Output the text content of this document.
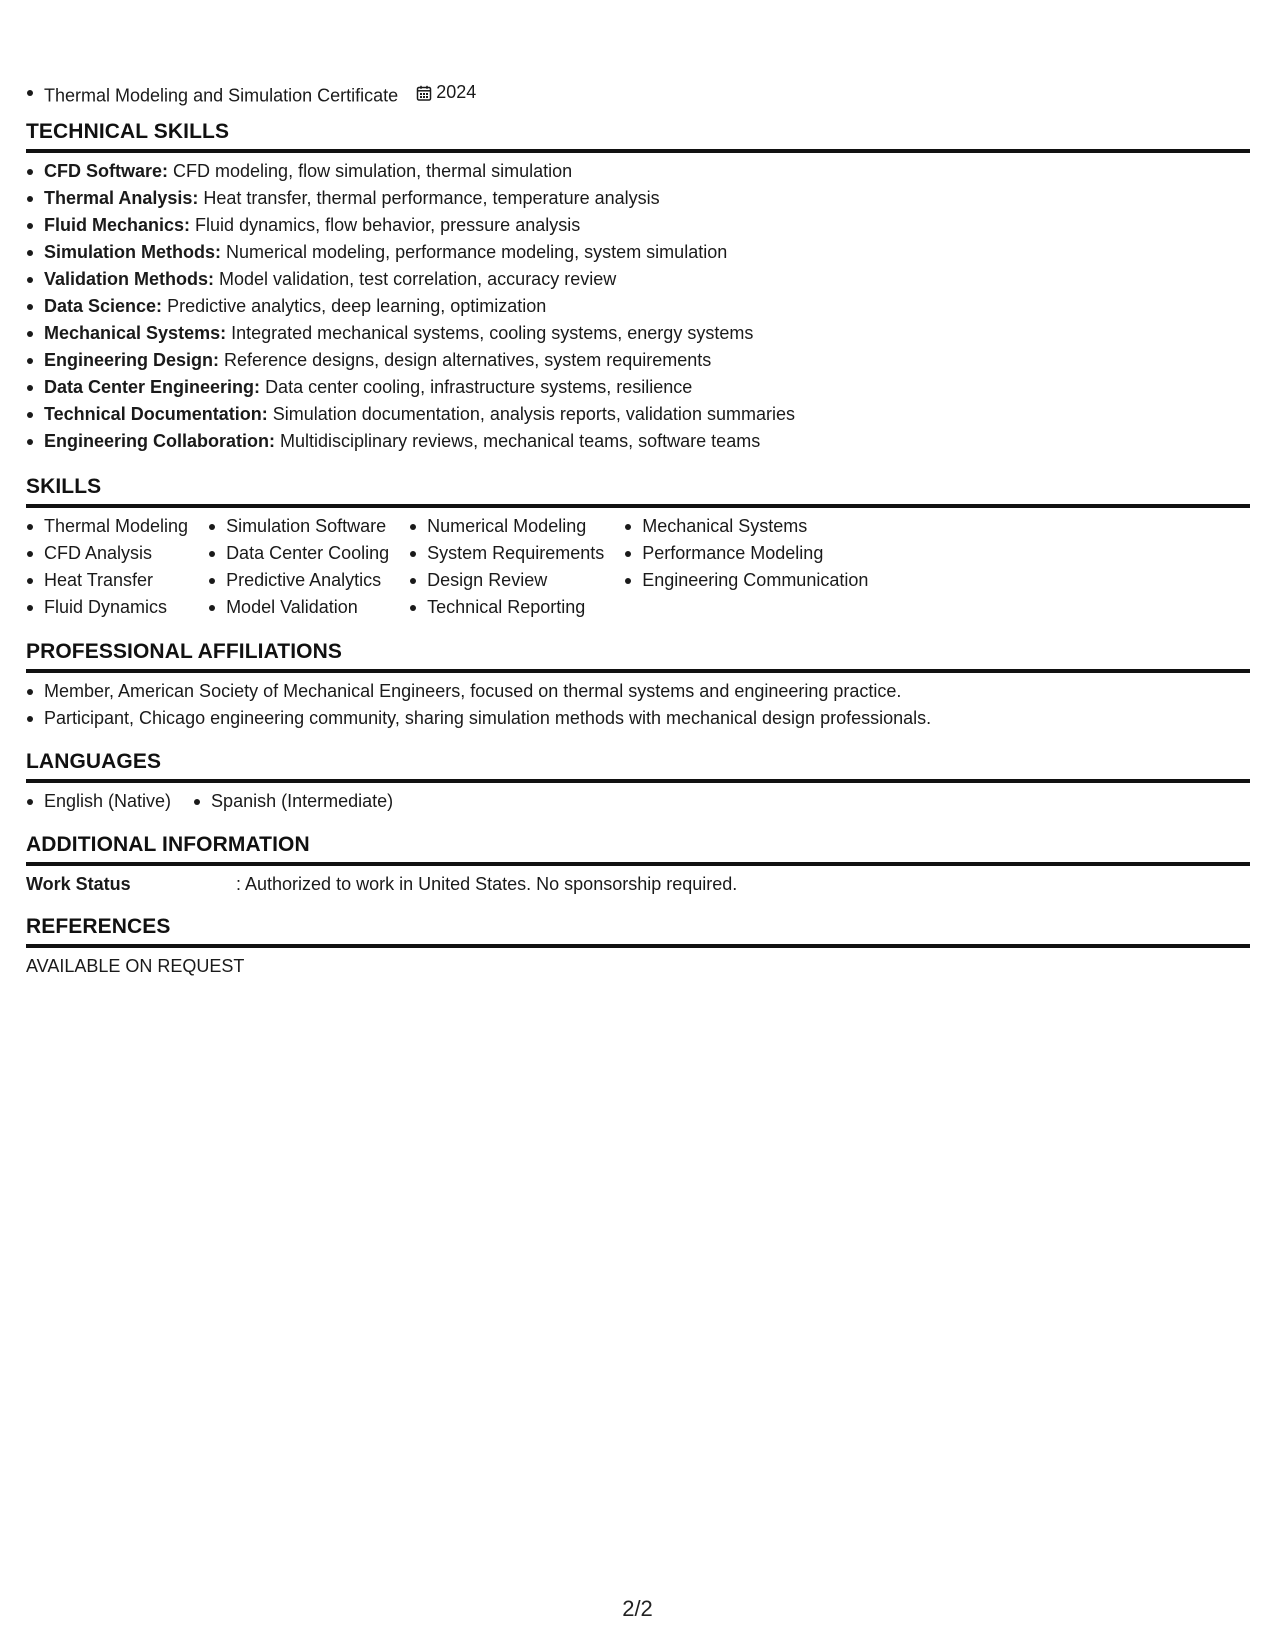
Thermal Modeling and Simulation Certificate 2024
TECHNICAL SKILLS
CFD Software: CFD modeling, flow simulation, thermal simulation
Thermal Analysis: Heat transfer, thermal performance, temperature analysis
Fluid Mechanics: Fluid dynamics, flow behavior, pressure analysis
Simulation Methods: Numerical modeling, performance modeling, system simulation
Validation Methods: Model validation, test correlation, accuracy review
Data Science: Predictive analytics, deep learning, optimization
Mechanical Systems: Integrated mechanical systems, cooling systems, energy systems
Engineering Design: Reference designs, design alternatives, system requirements
Data Center Engineering: Data center cooling, infrastructure systems, resilience
Technical Documentation: Simulation documentation, analysis reports, validation summaries
Engineering Collaboration: Multidisciplinary reviews, mechanical teams, software teams
SKILLS
Thermal Modeling
CFD Analysis
Heat Transfer
Fluid Dynamics
Simulation Software
Data Center Cooling
Predictive Analytics
Model Validation
Numerical Modeling
System Requirements
Design Review
Technical Reporting
Mechanical Systems
Performance Modeling
Engineering Communication
PROFESSIONAL AFFILIATIONS
Member, American Society of Mechanical Engineers, focused on thermal systems and engineering practice.
Participant, Chicago engineering community, sharing simulation methods with mechanical design professionals.
LANGUAGES
English (Native)	Spanish (Intermediate)
ADDITIONAL INFORMATION
Work Status	: Authorized to work in United States. No sponsorship required.
REFERENCES
AVAILABLE ON REQUEST
2/2
